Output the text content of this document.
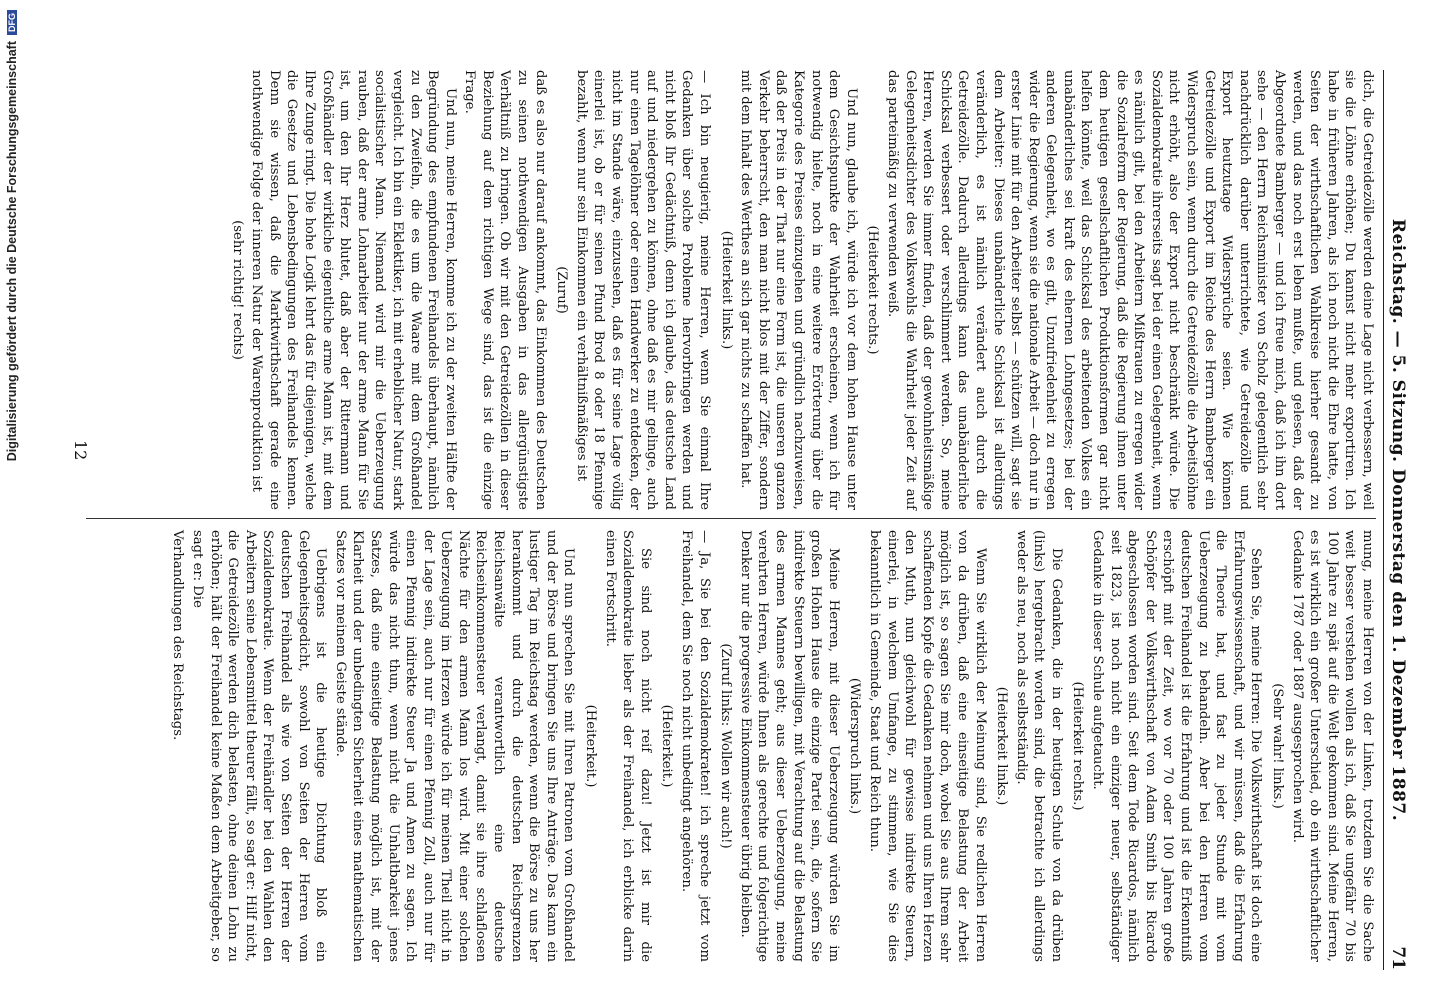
Reichstag. — 5. Sitzung. Donnerstag den 1. Dezember 1887.
71

mung, meine Herren von der Linken, trotzdem Sie die Sache weit besser verstehen wollen als ich, daß Sie ungefähr 70 bis 100 Jahre zu spät auf die Welt gekommen sind. Meine Herren, es ist wirklich ein großer Unterschied, ob ein wirthschaftlicher Gedanke 1787 oder 1887 ausgesprochen wird.

(Sehr wahr! links.)

Sehen Sie, meine Herren: Die Volkswirthschaft ist doch eine Erfahrungswissenschaft, und wir müssen, daß die Erfahrung die Theorie hat, und fast zu jeder Stunde mit vom Ueberzeugung zu behandeln. Aber bei den Herren vom deutschen Freihandel ist die Erfahrung und ist die Erkenntniß erschöpft mit der Zeit, wo vor 70 oder 100 Jahren große Schöpfer der Volkswirthschaft von Adam Smith bis Ricardo abgeschlossen worden sind. Seit dem Tode Ricardos, nämlich seit 1823, ist noch nicht ein einziger neuer, selbständiger Gedanke in dieser Schule aufgetaucht.

(Heiterkeit rechts.)

Die Gedanken, die in der heutigen Schule von da drüben (links) hergebracht worden sind, die betrachte ich allerdings weder als neu, noch als selbstständig.

(Heiterkeit links.)

Wenn Sie wirklich der Meinung sind, Sie redlichen Herren von da drüben, daß eine einseitige Belastung der Arbeit möglich ist, so sagen Sie mir doch, wobei Sie aus Ihrem sehr schaffenden Kopfe die Gedanken nehmen und uns Ihren Herzen den Muth, nun gleichwohl für gewisse indirekte Steuern, einerlei, in welchem Umfange, zu stimmen, wie Sie dies bekanntlich in Gemeinde, Staat und Reich thun.

(Widerspruch links.)

Meine Herren, mit dieser Ueberzeugung würden Sie im großen Hohen Hause die einzige Partei sein, die, sofern Sie indirekte Steuern bewilligen, mit Verachtung auf die Belastung des armen Mannes geht; aus dieser Ueberzeugung, meine verehrten Herren, würde Ihnen als gerechte und folgerichtige Denker nur die progressive Einkommensteuer übrig bleiben.

(Zuruf links: Wollen wir auch!)

— Ja, Sie bei den Sozialdemokraten! ich spreche jetzt vom Freihandel, dem Sie noch nicht unbedingt angehören.

(Heiterkeit.)

Sie sind noch nicht reif dazu! Jetzt ist mir die Sozialdemokratie lieber als der Freihandel, ich erblicke darin einen Fortschritt.

(Heiterkeit.)

Und nun sprechen Sie mit Ihren Patronen vom Großhandel und der Börse und bringen Sie uns Ihre Anträge. Das kann ein lustiger Tag im Reichstag werden, wenn die Börse zu uns her herankommt und durch die deutschen Reichsgrenzen Reichsanwälte verantwortlich eine deutsche Reichseinkommensteuer verlangt, damit sie ihre schlaflosen Nächte für den armen Mann los wird. Mit einer solchen Ueberzeugung im Herzen würde ich für meinen Theil nicht in der Lage sein, auch nur für einen Pfennig Zoll, auch nur für einen Pfennig indirekte Steuer Ja und Amen zu sagen. Ich würde das nicht thun, wenn nicht die Unhaltbarkeit jenes Satzes, daß eine einseitige Belastung möglich ist, mit der Klarheit und der unbedingten Sicherheit eines mathematischen Satzes vor meinem Geiste stände.

Uebrigens ist die heutige Dichtung bloß ein Gelegenheitsgedicht, sowohl von Seiten der Herren vom deutschen Freihandel als wie von Seiten der Herren der Sozialdemokratie. Wenn der Freihändler bei den Wahlen den Arbeitern seine Lebensmittel theurer fällt, so sagt er: Hilf nicht, die Getreidezölle werden dich belasten, ohne deinen Lohn zu erhöhen; hält der Freihandel keine Maßen dem Arbeitgeber, so sagt er: Die

Verhandlungen des Reichstags.

dich, die Getreidezölle werden deine Lage nicht verbessern, weil sie die Löhne erhöhen; Du kannst nicht mehr exportiren. Ich habe in früheren Jahren, als ich noch nicht die Ehre hatte, von Seiten der wirthschaftlichen Wahlkreise hierher gesandt zu werden, und das noch erst leben mußte, und gelesen, daß der Abgeordnete Bamberger — und ich freue mich, daß ich ihn dort sehe — den Herrn Reichsminister von Scholz gelegentlich sehr nachdrücklich darüber unterrichtete, wie Getreidezölle und Export heutzutage Widersprüche seien. Wie können Getreidezölle und Export im Reiche des Herrn Bamberger ein Widerspruch sein, wenn durch die Getreidezölle die Arbeitslöhne nicht erhöht, also der Export nicht beschränkt würde. Die Sozialdemokratie ihrerseits sagt bei der einen Gelegenheit, wenn es nämlich gilt, bei den Arbeitern Mißtrauen zu erregen wider die Sozialreform der Regierung, daß die Regierung ihnen unter dem heutigen gesellschaftlichen Produktionsformen gar nicht helfen könnte, weil das Schicksal des arbeitenden Volkes ein unabänderliches sei kraft des ehernen Lohngesetzes; bei der anderen Gelegenheit, wo es gilt, Unzufriedenheit zu erregen wider die Regierung, wenn sie die nationale Arbeit — doch nur in erster Linie mit für den Arbeiter selbst — schützen will, sagt sie dem Arbeiter: Dieses unabänderliche Schicksal ist allerdings veränderlich, es ist nämlich verändert auch durch die Getreidezölle. Dadurch allerdings kann das unabänderliche Schicksal verbessert oder verschlimmert werden. So, meine Herren, werden Sie immer finden, daß der gewohnheitsmäßige Gelegenheitsdichter des Volkswohls die Wahrheit jeder Zeit auf das parteimäßig zu verwenden weiß.

(Heiterkeit rechts.)

Und nun, glaube ich, würde ich vor dem hohen Hause unter dem Gesichtspunkte der Wahrheit erscheinen, wenn ich für notwendig hielte, noch in eine weitere Erörterung über die Kategorie des Preises einzugehen und gründlich nachzuweisen, daß der Preis in der That nur eine Form ist, die unseren ganzen Verkehr beherrscht, den man nicht blos mit der Ziffer, sondern mit dem Inhalt des Werthes an sich gar nichts zu schaffen hat.

(Heiterkeit links.)

— Ich bin neugierig, meine Herren, wenn Sie einmal Ihre Gedanken über solche Probleme hervorbringen werden und nicht bloß Ihr Gedächtniß, denn ich glaube, das deutsche Land auf und niedergehen zu können, ohne daß es mir gelinge, auch nur einen Tagelöhner oder einen Handwerker zu entdecken, der nicht im Stande wäre, einzusehen, daß es für seine Lage völlig einerlei ist, ob er für seinen Pfund Brod 8 oder 18 Pfennige bezahlt, wenn nur sein Einkommen ein verhältnißmäßiges ist

(Zuruf)

daß es also nur darauf ankommt, das Einkommen des Deutschen zu seinen nothwendigen Ausgaben in das allergünstigste Verhältniß zu bringen. Ob wir mit den Getreidezöllen in dieser Beziehung auf dem richtigen Wege sind, das ist die einzige Frage.

Und nun, meine Herren, komme ich zu der zweiten Hälfte der Begründung des empfundenen Freihandels überhaupt, nämlich zu den Zweifeln, die es um die Waare mit dem Großhandel vergleicht. Ich bin ein Eklektiker, ich mit erheblicher Natur, stark socialistischer Mann. Niemand wird mir die Ueberzeugung rauben, daß der arme Lohnarbeiter nur der arme Mann für Sie ist, um den Ihr Herz blutet, daß aber der Rittermann und Großhändler der wirkliche eigentliche arme Mann ist, mit dem Ihre Zunge ringt. Die hohe Logik lehrt das für diejenigen, welche die Gesetze und Lebensbedingungen des Freihandels kennen. Denn sie wissen, daß die Marktwirthschaft gerade eine nothwendige Folge der inneren Natur der Warenproduktion ist

(sehr richtig! rechts)

12
Digitalisierung gefördert durch die Deutsche Forschungsgemeinschaft
DFG
